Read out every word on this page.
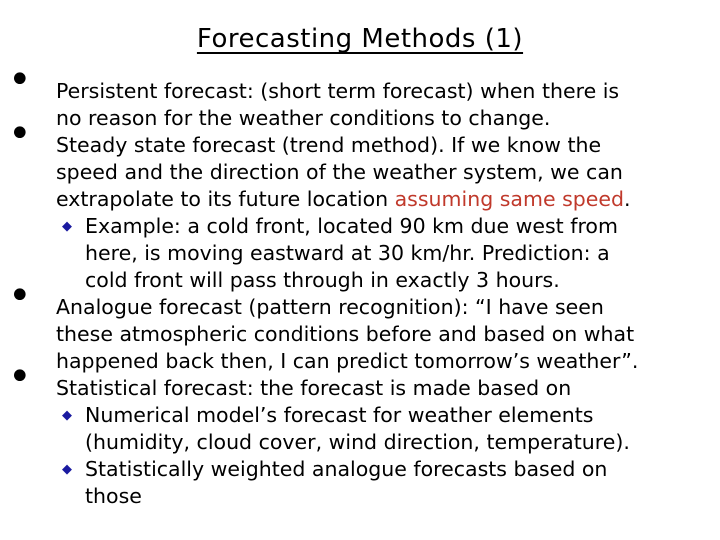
Forecasting Methods (1)
• Persistent forecast: (short term forecast) when there is
no reason for the weather conditions to change.
• Steady state forecast (trend method). If we know the
speed and the direction of the weather system, we can
extrapolate to its future location assuming same speed.
◆ Example: a cold front, located 90 km due west from
here, is moving eastward at 30 km/hr. Prediction: a
cold front will pass through in exactly 3 hours.
• Analogue forecast (pattern recognition): “I have seen
these atmospheric conditions before and based on what
happened back then, I can predict tomorrow’s weather”.
• Statistical forecast: the forecast is made based on
◆ Numerical model’s forecast for weather elements
(humidity, cloud cover, wind direction, temperature).
◆ Statistically weighted analogue forecasts based on
those
